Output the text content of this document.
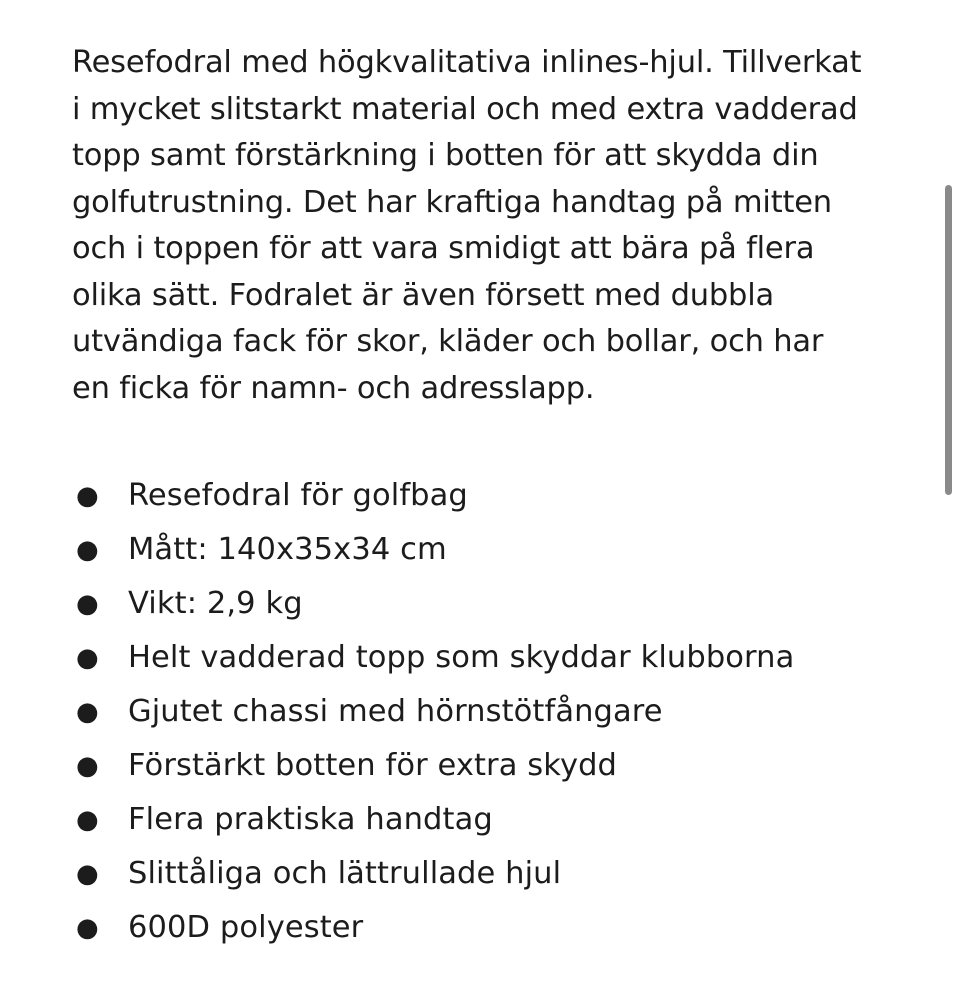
Resefodral med högkvalitativa inlines-hjul. Tillverkat
i mycket slitstarkt material och med extra vadderad
topp samt förstärkning i botten för att skydda din
golfutrustning. Det har kraftiga handtag på mitten
och i toppen för att vara smidigt att bära på flera
olika sätt. Fodralet är även försett med dubbla
utvändiga fack för skor, kläder och bollar, och har
en ficka för namn- och adresslapp.

● Resefodral för golfbag
● Mått: 140x35x34 cm
● Vikt: 2,9 kg
● Helt vadderad topp som skyddar klubborna
● Gjutet chassi med hörnstötfångare
● Förstärkt botten för extra skydd
● Flera praktiska handtag
● Slittåliga och lättrullade hjul
● 600D polyester
